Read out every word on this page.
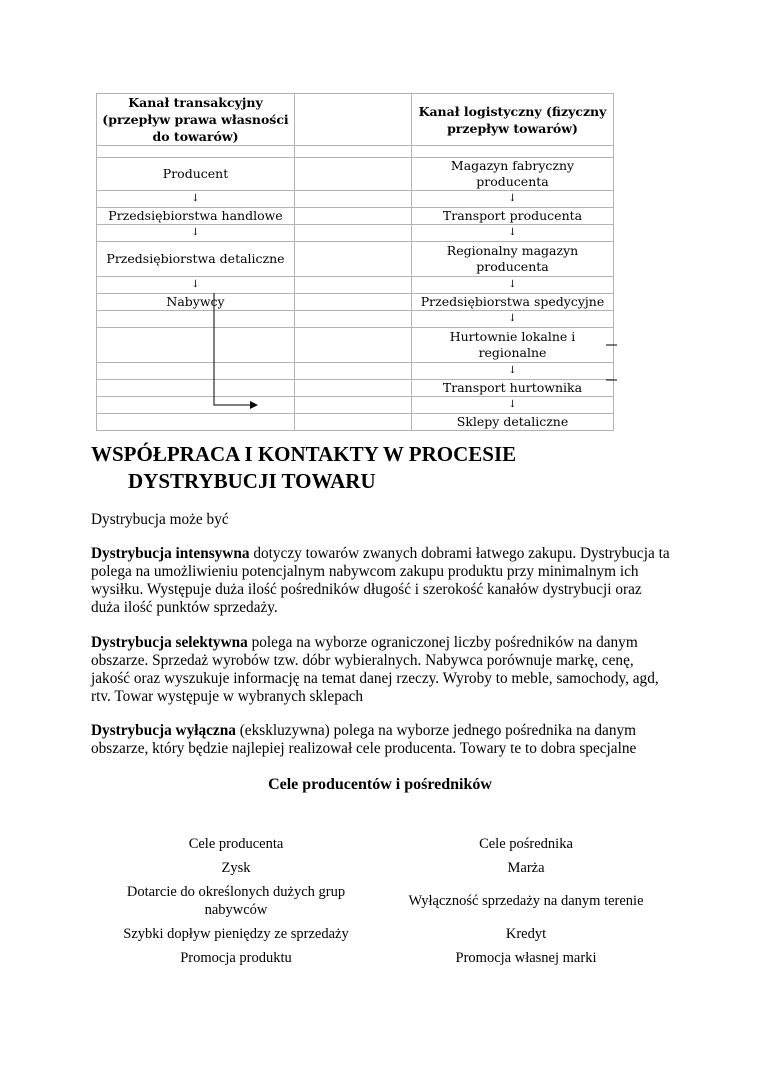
Kanał transakcyjny (przepływ prawa własności do towarów)		Kanał logistyczny (fizyczny przepływ towarów)

Producent		Magazyn fabryczny producenta
↓		↓
Przedsiębiorstwa handlowe		Transport producenta
↓		↓
Przedsiębiorstwa detaliczne		Regionalny magazyn producenta
↓		↓
Nabywcy		Przedsiębiorstwa spedycyjne
		↓
		Hurtownie lokalne i regionalne
		↓
		Transport hurtownika
		↓
		Sklepy detaliczne
WSPÓŁPRACA I KONTAKTY W PROCESIE
DYSTRYBUCJI TOWARU

Dystrybucja może być

Dystrybucja intensywna dotyczy towarów zwanych dobrami łatwego zakupu. Dystrybucja ta polega na umożliwieniu potencjalnym nabywcom zakupu produktu przy minimalnym ich wysiłku. Występuje duża ilość pośredników długość i szerokość kanałów dystrybucji oraz duża ilość punktów sprzedaży.

Dystrybucja selektywna polega na wyborze ograniczonej liczby pośredników na danym obszarze. Sprzedaż wyrobów tzw. dóbr wybieralnych. Nabywca porównuje markę, cenę, jakość oraz wyszukuje informację na temat danej rzeczy. Wyroby to meble, samochody, agd, rtv. Towar występuje w wybranych sklepach

Dystrybucja wyłączna (ekskluzywna) polega na wyborze jednego pośrednika na danym obszarze, który będzie najlepiej realizował cele producenta. Towary te to dobra specjalne

Cele producentów i pośredników

Cele producenta	Cele pośrednika
Zysk	Marża
Dotarcie do określonych dużych grup nabywców	Wyłączność sprzedaży na danym terenie
Szybki dopływ pieniędzy ze sprzedaży	Kredyt
Promocja produktu	Promocja własnej marki
